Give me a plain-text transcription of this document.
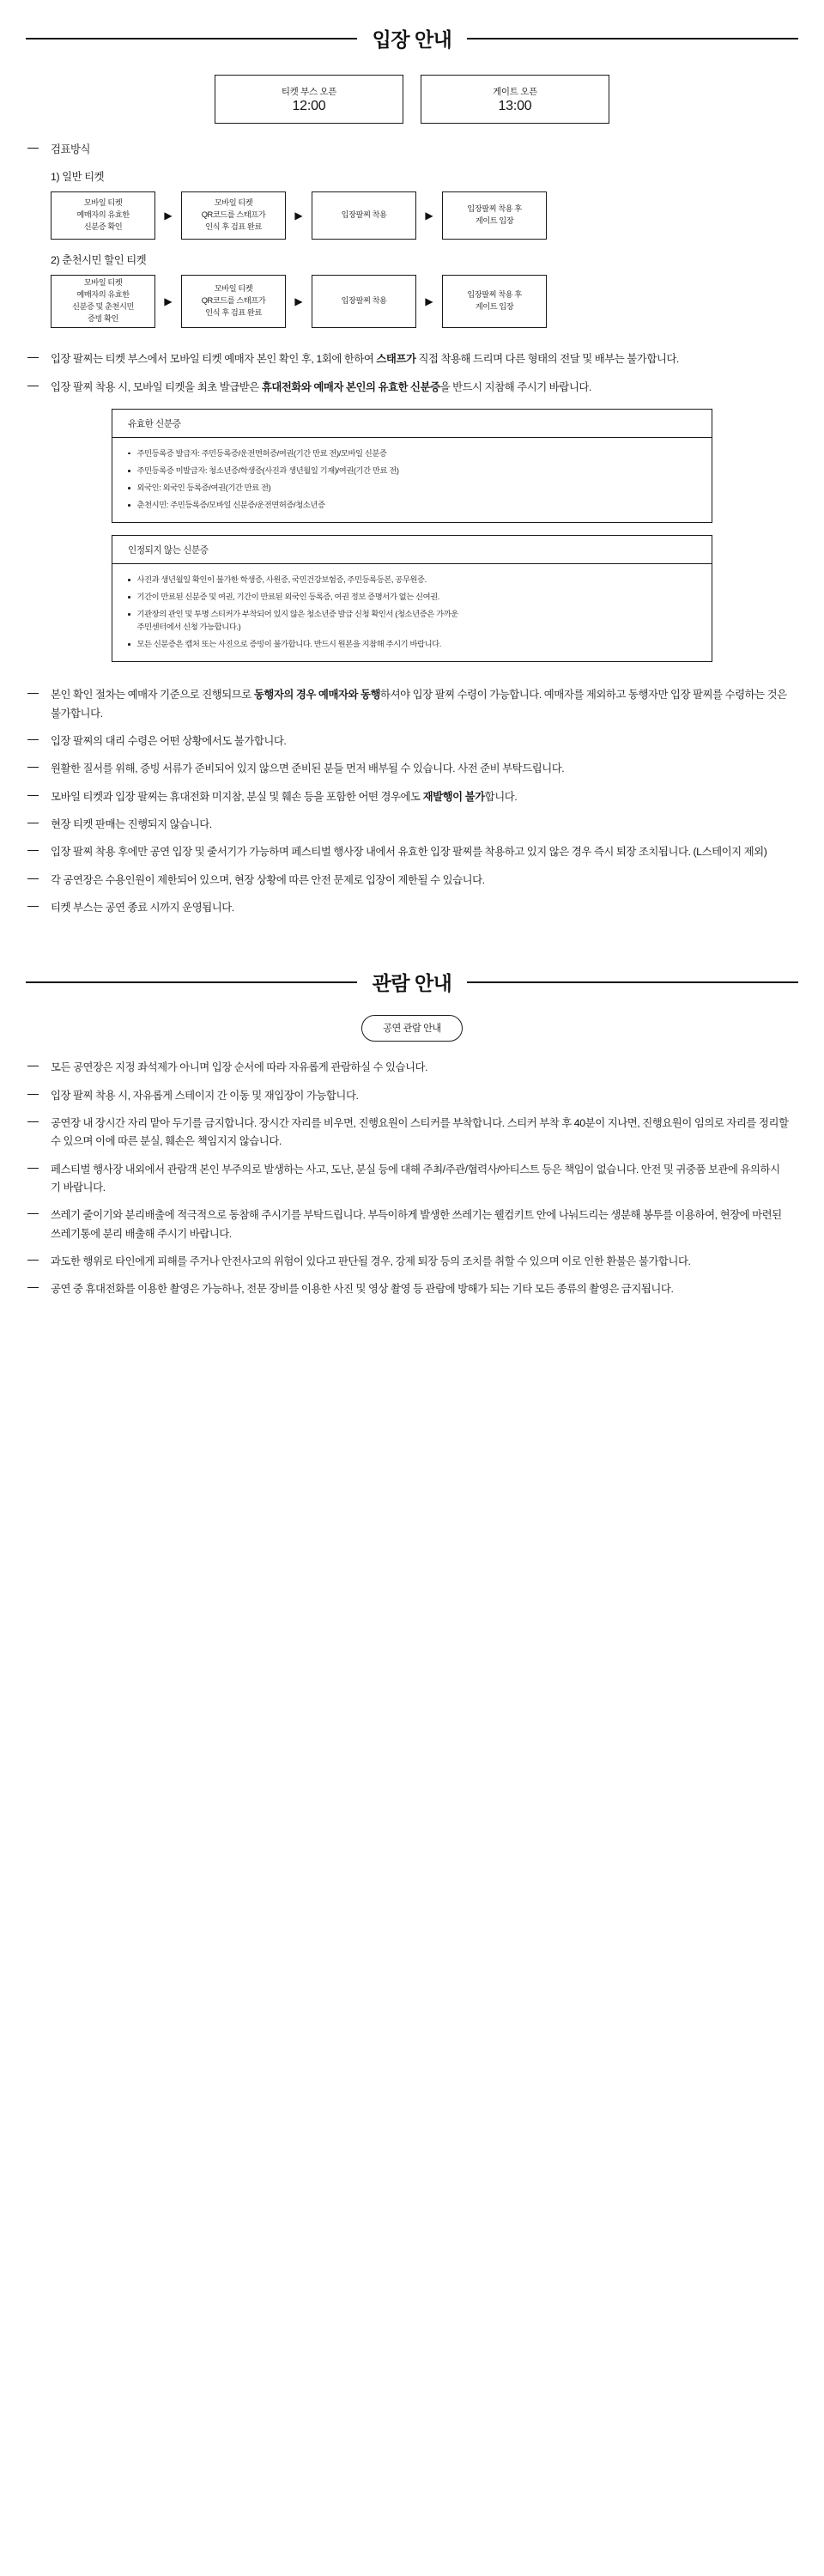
입장 안내
티켓 부스 오픈
12:00
게이트 오픈
13:00
검표방식
1) 일반 티켓
모바일 티켓
예매자의 유효한
신분증 확인
▶
모바일 티켓
QR코드를 스태프가
인식 후 검표 완료
▶	입장팔찌 착용	▶
입장팔찌 착용 후
게이트 입장
2) 춘천시민 할인 티켓
모바일 티켓
예매자의 유효한
신분증 및 춘천시민
증빙 확인
▶
모바일 티켓
QR코드를 스태프가
인식 후 검표 완료
▶	입장팔찌 착용	▶
입장팔찌 착용 후
게이트 입장
입장 팔찌는 티켓 부스에서 모바일 티켓 예매자 본인 확인 후, 1회에 한하여 스태프가 직접 착용해 드리며 다른 형태의 전달 및 배부는 불가합니다.
입장 팔찌 착용 시, 모바일 티켓을 최초 발급받은 휴대전화와 예매자 본인의 유효한 신분증을 반드시 지참해 주시기 바랍니다.
유효한 신분증
주민등록증 발급자: 주민등록증/운전면허증/여권(기간 만료 전)/모바일 신분증
주민등록증 미발급자: 청소년증/학생증(사진과 생년월일 기재)/여권(기간 만료 전)
외국인: 외국인 등록증/여권(기간 만료 전)
춘천시민: 주민등록증/모바일 신분증/운전면허증/청소년증
인정되지 않는 신분증
사진과 생년월일 확인이 불가한 학생증, 사원증, 국민건강보험증, 주민등록등본, 공무원증.
기간이 만료된 신분증 및 여권, 기간이 만료된 외국인 등록증, 여권 정보 증명서가 없는 신여권.
기관장의 관인 및 투명 스티커가 부착되어 있지 않은 청소년증 발급 신청 확인서 (청소년증은 가까운
주민센터에서 신청 가능합니다.)
모든 신분증은 캡처 또는 사진으로 증빙이 불가합니다. 반드시 원본을 지참해 주시기 바랍니다.
본인 확인 절차는 예매자 기준으로 진행되므로 동행자의 경우 예매자와 동행하셔야 입장 팔찌 수령이 가능합니다. 예매자를 제외하고 동행자만 입장 팔찌를 수령하는 것은 불가합니다.
입장 팔찌의 대리 수령은 어떤 상황에서도 불가합니다.
원활한 질서를 위해, 증빙 서류가 준비되어 있지 않으면 준비된 분들 먼저 배부될 수 있습니다. 사전 준비 부탁드립니다.
모바일 티켓과 입장 팔찌는 휴대전화 미지참, 분실 및 훼손 등을 포함한 어떤 경우에도 재발행이 불가합니다.
현장 티켓 판매는 진행되지 않습니다.
입장 팔찌 착용 후에만 공연 입장 및 줄서기가 가능하며 페스티벌 행사장 내에서 유효한 입장 팔찌를 착용하고 있지 않은 경우 즉시 퇴장 조치됩니다. (L스테이지 제외)
각 공연장은 수용인원이 제한되어 있으며, 현장 상황에 따른 안전 문제로 입장이 제한될 수 있습니다.
티켓 부스는 공연 종료 시까지 운영됩니다.
관람 안내
공연 관람 안내
모든 공연장은 지정 좌석제가 아니며 입장 순서에 따라 자유롭게 관람하실 수 있습니다.
입장 팔찌 착용 시, 자유롭게 스테이지 간 이동 및 재입장이 가능합니다.
공연장 내 장시간 자리 맡아 두기를 금지합니다. 장시간 자리를 비우면, 진행요원이 스티커를 부착합니다. 스티커 부착 후 40분이 지나면, 진행요원이 임의로 자리를 정리할 수 있으며 이에 따른 분실, 훼손은 책임지지 않습니다.
페스티벌 행사장 내외에서 관람객 본인 부주의로 발생하는 사고, 도난, 분실 등에 대해 주최/주관/협력사/아티스트 등은 책임이 없습니다. 안전 및 귀중품 보관에 유의하시기 바랍니다.
쓰레기 줄이기와 분리배출에 적극적으로 동참해 주시기를 부탁드립니다. 부득이하게 발생한 쓰레기는 웰컴키트 안에 나눠드리는 생분해 봉투를 이용하여, 현장에 마련된 쓰레기통에 분리 배출해 주시기 바랍니다.
과도한 행위로 타인에게 피해를 주거나 안전사고의 위험이 있다고 판단될 경우, 강제 퇴장 등의 조치를 취할 수 있으며 이로 인한 환불은 불가합니다.
공연 중 휴대전화를 이용한 촬영은 가능하나, 전문 장비를 이용한 사진 및 영상 촬영 등 관람에 방해가 되는 기타 모든 종류의 촬영은 금지됩니다.
